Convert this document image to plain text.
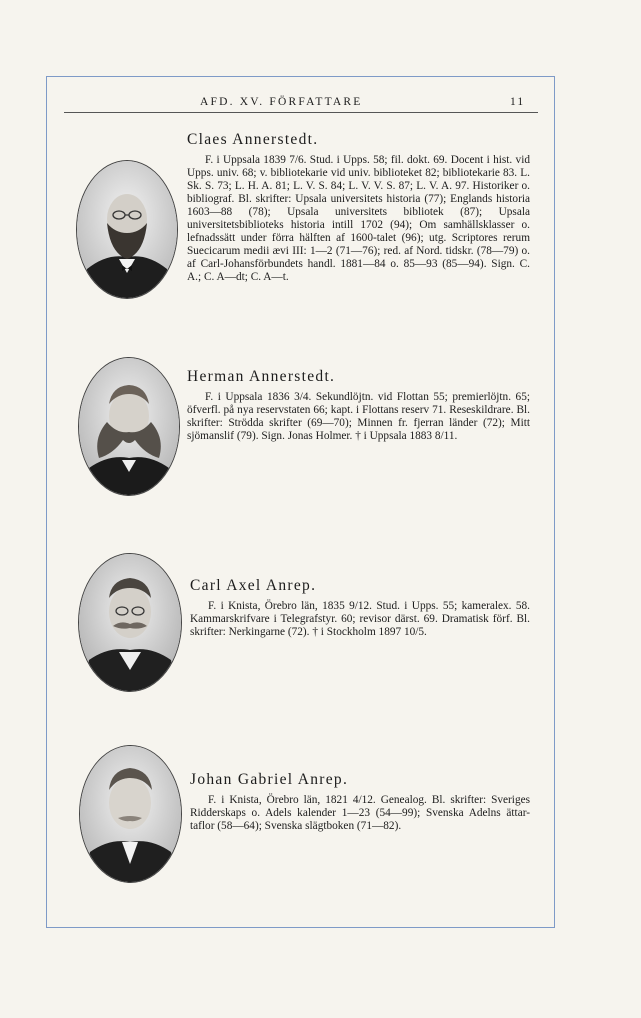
AFD. XV. FÖRFATTARE	11
Claes Annerstedt.
F. i Uppsala 1839 7/6. Stud. i Upps. 58; fil. dokt. 69. Docent i hist. vid Upps. univ. 68; v. bibliotekarie vid univ. biblioteket 82; bibliotekarie 83. L. Sk. S. 73; L. H. A. 81; L. V. S. 84; L. V. V. S. 87; L. V. A. 97. Historiker o. bibliograf. Bl. skrifter: Upsala universitets historia (77); Englands historia 1603—88 (78); Upsala universitets bibliotek (87); Upsala universitetsbiblioteks historia intill 1702 (94); Om samhällsklasser o. lefnadssätt under förra hälften af 1600-talet (96); utg. Scriptores rerum Suecicarum medii ævi III: 1—2 (71—76); red. af Nord. tidskr. (78—79) o. af Carl-Johansförbundets handl. 1881—84 o. 85—93 (85—94). Sign. C. A.; C. A—dt; C. A—t.
Herman Annerstedt.
F. i Uppsala 1836 3/4. Sekundlöjtn. vid Flottan 55; premierlöjtn. 65; öfverfl. på nya reservstaten 66; kapt. i Flottans reserv 71. Reseskildrare. Bl. skrifter: Strödda skrifter (69—70); Minnen fr. fjerran länder (72); Mitt sjömanslif (79). Sign. Jonas Holmer. † i Uppsala 1883 8/11.
Carl Axel Anrep.
F. i Knista, Örebro län, 1835 9/12. Stud. i Upps. 55; kameralex. 58. Kammarskrifvare i Telegrafstyr. 60; revisor därst. 69. Dramatisk förf. Bl. skrifter: Nerkingarne (72). † i Stockholm 1897 10/5.
Johan Gabriel Anrep.
F. i Knista, Örebro län, 1821 4/12. Genealog. Bl. skrifter: Sveriges Ridderskaps o. Adels kalender 1—23 (54—99); Svenska Adelns ättar-taflor (58—64); Svenska slägtboken (71—82).
